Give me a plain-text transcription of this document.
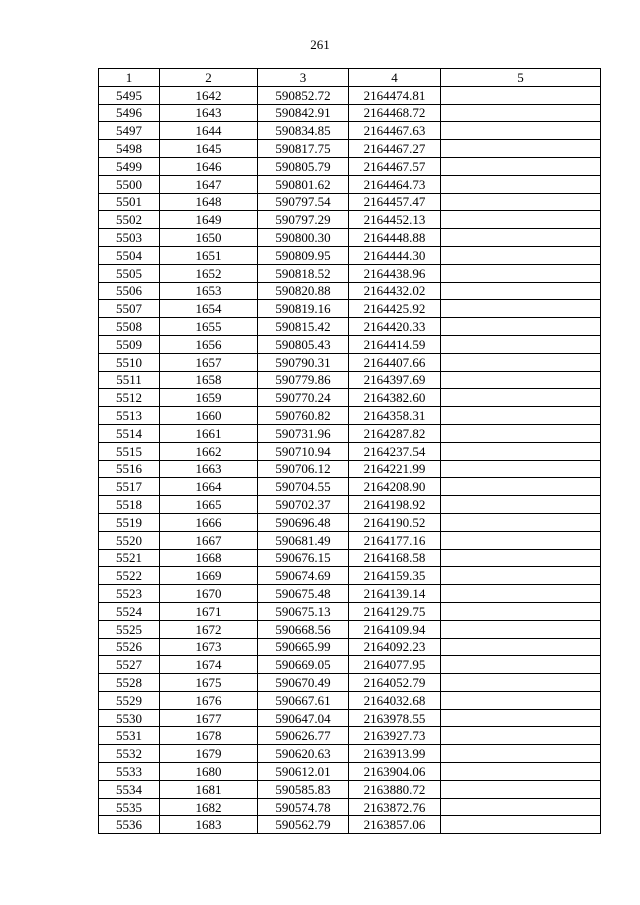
261
1	2	3	4	5
5495	1642	590852.72	2164474.81	
5496	1643	590842.91	2164468.72	
5497	1644	590834.85	2164467.63	
5498	1645	590817.75	2164467.27	
5499	1646	590805.79	2164467.57	
5500	1647	590801.62	2164464.73	
5501	1648	590797.54	2164457.47	
5502	1649	590797.29	2164452.13	
5503	1650	590800.30	2164448.88	
5504	1651	590809.95	2164444.30	
5505	1652	590818.52	2164438.96	
5506	1653	590820.88	2164432.02	
5507	1654	590819.16	2164425.92	
5508	1655	590815.42	2164420.33	
5509	1656	590805.43	2164414.59	
5510	1657	590790.31	2164407.66	
5511	1658	590779.86	2164397.69	
5512	1659	590770.24	2164382.60	
5513	1660	590760.82	2164358.31	
5514	1661	590731.96	2164287.82	
5515	1662	590710.94	2164237.54	
5516	1663	590706.12	2164221.99	
5517	1664	590704.55	2164208.90	
5518	1665	590702.37	2164198.92	
5519	1666	590696.48	2164190.52	
5520	1667	590681.49	2164177.16	
5521	1668	590676.15	2164168.58	
5522	1669	590674.69	2164159.35	
5523	1670	590675.48	2164139.14	
5524	1671	590675.13	2164129.75	
5525	1672	590668.56	2164109.94	
5526	1673	590665.99	2164092.23	
5527	1674	590669.05	2164077.95	
5528	1675	590670.49	2164052.79	
5529	1676	590667.61	2164032.68	
5530	1677	590647.04	2163978.55	
5531	1678	590626.77	2163927.73	
5532	1679	590620.63	2163913.99	
5533	1680	590612.01	2163904.06	
5534	1681	590585.83	2163880.72	
5535	1682	590574.78	2163872.76	
5536	1683	590562.79	2163857.06	
